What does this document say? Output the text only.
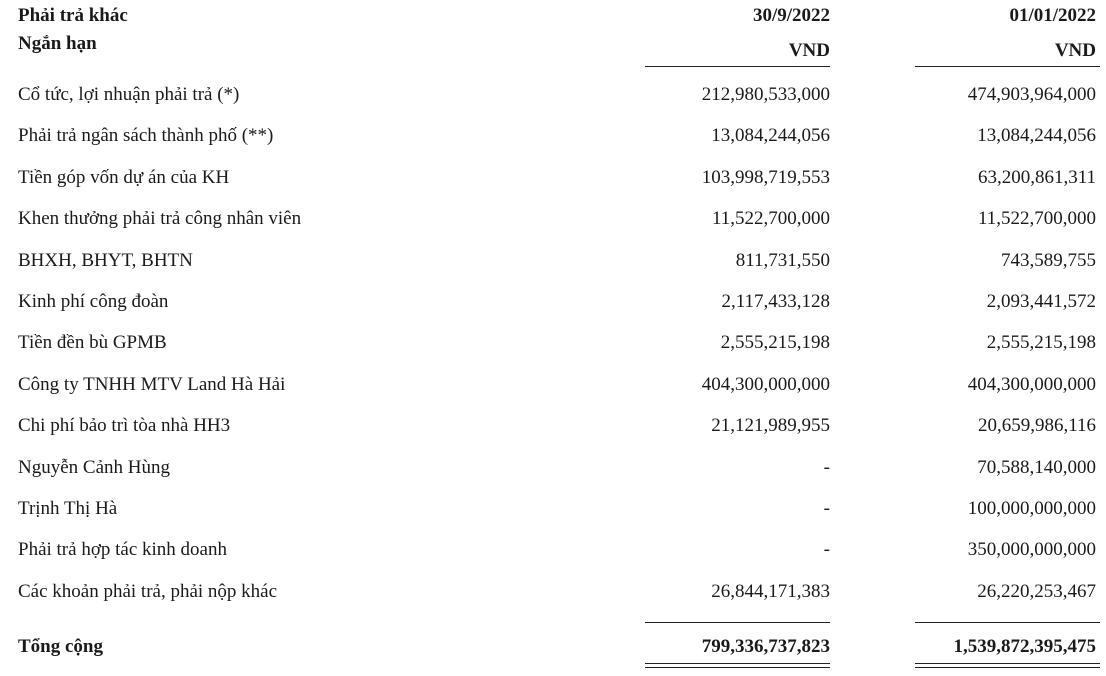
Phải trả khác
Ngắn hạn
30/9/2022	01/01/2022
VND	VND
Cổ tức, lợi nhuận phải trả (*)	212,980,533,000	474,903,964,000
Phải trả ngân sách thành phố (**)	13,084,244,056	13,084,244,056
Tiền góp vốn dự án của KH	103,998,719,553	63,200,861,311
Khen thưởng phải trả công nhân viên	11,522,700,000	11,522,700,000
BHXH, BHYT, BHTN	811,731,550	743,589,755
Kinh phí công đoàn	2,117,433,128	2,093,441,572
Tiền đền bù GPMB	2,555,215,198	2,555,215,198
Công ty TNHH MTV Land Hà Hải	404,300,000,000	404,300,000,000
Chi phí bảo trì tòa nhà HH3	21,121,989,955	20,659,986,116
Nguyễn Cảnh Hùng	-	70,588,140,000
Trịnh Thị Hà	-	100,000,000,000
Phải trả hợp tác kinh doanh	-	350,000,000,000
Các khoản phải trả, phải nộp khác	26,844,171,383	26,220,253,467
Tổng cộng	799,336,737,823	1,539,872,395,475
